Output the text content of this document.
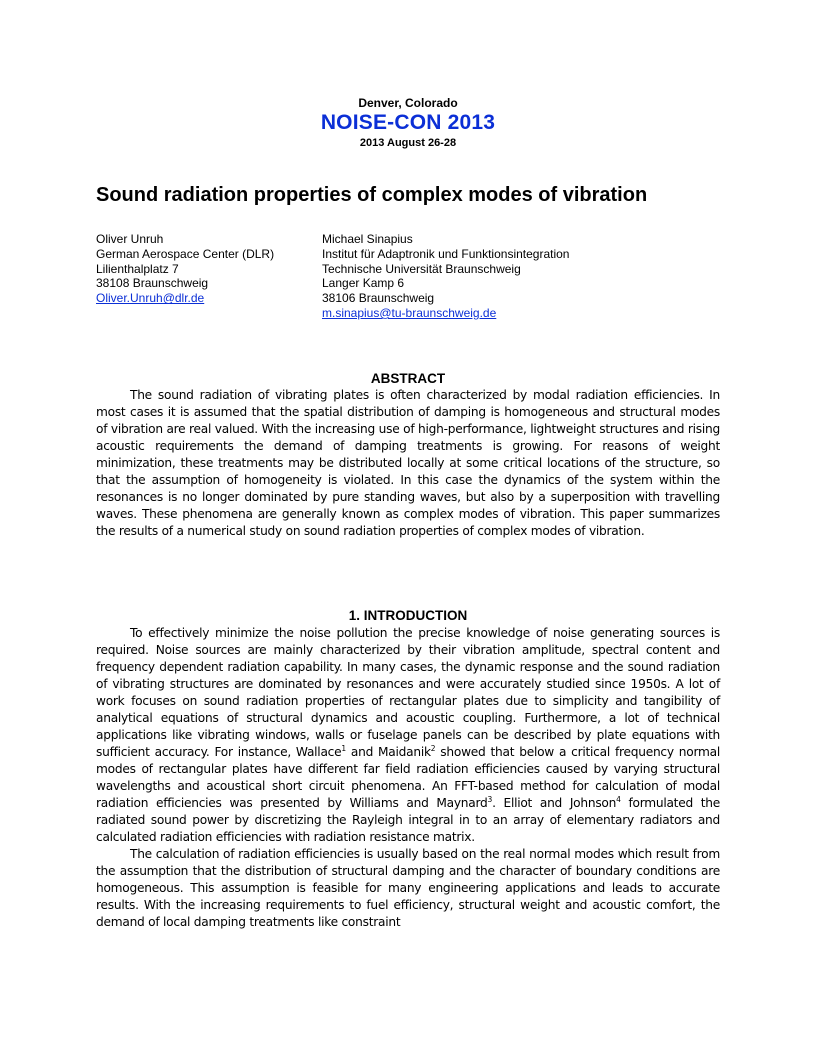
Denver, Colorado
NOISE-CON 2013
2013 August 26-28
Sound radiation properties of complex modes of vibration
Oliver Unruh
German Aerospace Center (DLR)
Lilienthalplatz 7
38108 Braunschweig
Oliver.Unruh@dlr.de
Michael Sinapius
Institut für Adaptronik und Funktionsintegration
Technische Universität Braunschweig
Langer Kamp 6
38106 Braunschweig
m.sinapius@tu-braunschweig.de
ABSTRACT

The sound radiation of vibrating plates is often characterized by modal radiation efficiencies. In most cases it is assumed that the spatial distribution of damping is homogeneous and structural modes of vibration are real valued. With the increasing use of high-performance, lightweight structures and rising acoustic requirements the demand of damping treatments is growing. For reasons of weight minimization, these treatments may be distributed locally at some critical locations of the structure, so that the assumption of homogeneity is violated. In this case the dynamics of the system within the resonances is no longer dominated by pure standing waves, but also by a superposition with travelling waves. These phenomena are generally known as complex modes of vibration. This paper summarizes the results of a numerical study on sound radiation properties of complex modes of vibration.

1. INTRODUCTION

To effectively minimize the noise pollution the precise knowledge of noise generating sources is required. Noise sources are mainly characterized by their vibration amplitude, spectral content and frequency dependent radiation capability. In many cases, the dynamic response and the sound radiation of vibrating structures are dominated by resonances and were accurately studied since 1950s. A lot of work focuses on sound radiation properties of rectangular plates due to simplicity and tangibility of analytical equations of structural dynamics and acoustic coupling. Furthermore, a lot of technical applications like vibrating windows, walls or fuselage panels can be described by plate equations with sufficient accuracy. For instance, Wallace$^1$ and Maidanik$^2$ showed that below a critical frequency normal modes of rectangular plates have different far field radiation efficiencies caused by varying structural wavelengths and acoustical short circuit phenomena. An FFT-based method for calculation of modal radiation efficiencies was presented by Williams and Maynard$^3$. Elliot and Johnson$^4$ formulated the radiated sound power by discretizing the Rayleigh integral in to an array of elementary radiators and calculated radiation efficiencies with radiation resistance matrix.

The calculation of radiation efficiencies is usually based on the real normal modes which result from the assumption that the distribution of structural damping and the character of boundary conditions are homogeneous. This assumption is feasible for many engineering applications and leads to accurate results. With the increasing requirements to fuel efficiency, structural weight and acoustic comfort, the demand of local damping treatments like constraint
